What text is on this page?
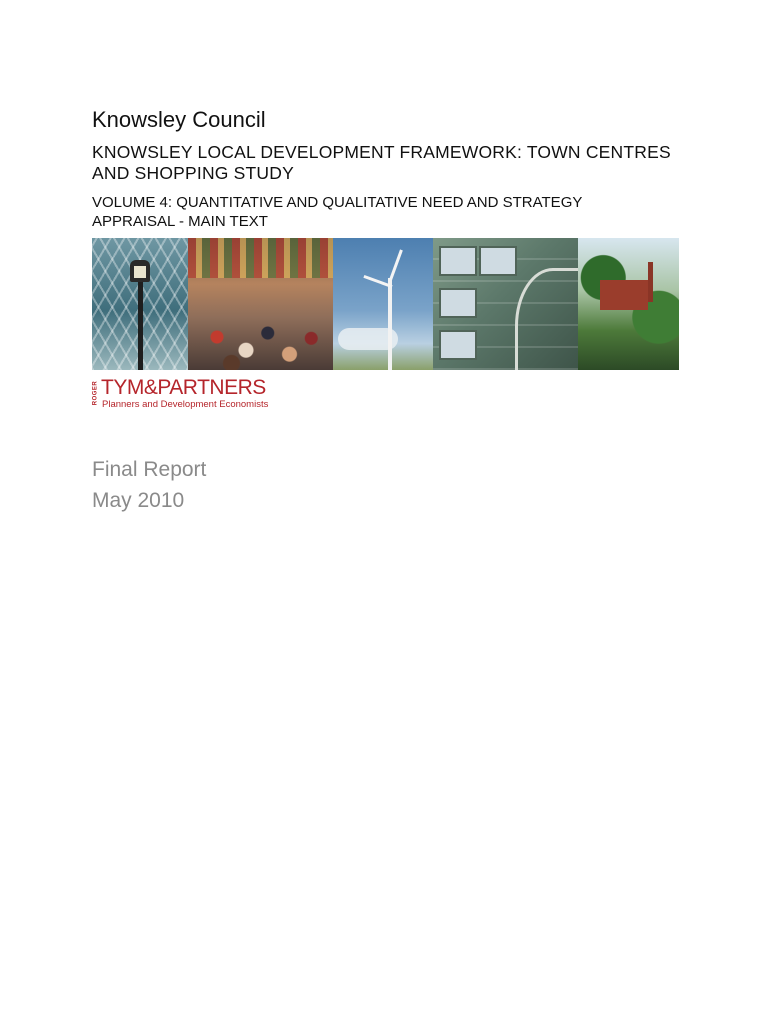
Knowsley Council
KNOWSLEY LOCAL DEVELOPMENT FRAMEWORK: TOWN CENTRES AND SHOPPING STUDY
VOLUME 4: QUANTITATIVE AND QUALITATIVE NEED AND STRATEGY APPRAISAL - MAIN TEXT
ROGER TYM&PARTNERS
Planners and Development Economists
Final Report
May 2010
